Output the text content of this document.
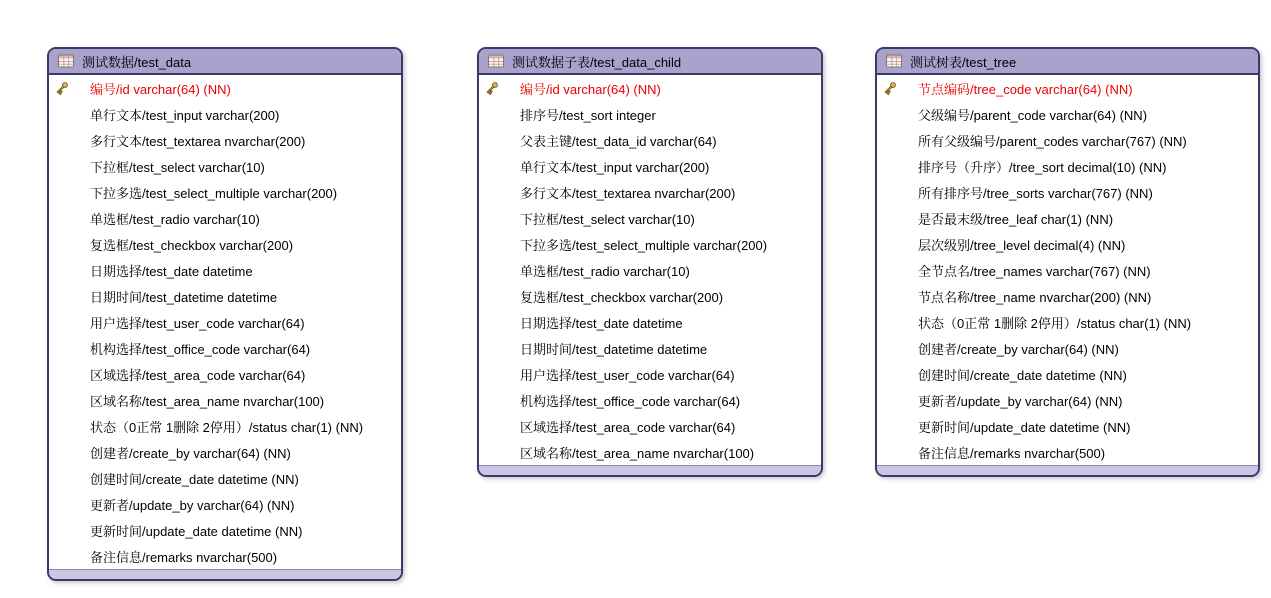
测试数据/test_data
编号/id varchar(64) (NN)
单行文本/test_input varchar(200)
多行文本/test_textarea nvarchar(200)
下拉框/test_select varchar(10)
下拉多选/test_select_multiple varchar(200)
单选框/test_radio varchar(10)
复选框/test_checkbox varchar(200)
日期选择/test_date datetime
日期时间/test_datetime datetime
用户选择/test_user_code varchar(64)
机构选择/test_office_code varchar(64)
区域选择/test_area_code varchar(64)
区域名称/test_area_name nvarchar(100)
状态（0正常 1删除 2停用）/status char(1) (NN)
创建者/create_by varchar(64) (NN)
创建时间/create_date datetime (NN)
更新者/update_by varchar(64) (NN)
更新时间/update_date datetime (NN)
备注信息/remarks nvarchar(500)
测试数据子表/test_data_child
编号/id varchar(64) (NN)
排序号/test_sort integer
父表主键/test_data_id varchar(64)
单行文本/test_input varchar(200)
多行文本/test_textarea nvarchar(200)
下拉框/test_select varchar(10)
下拉多选/test_select_multiple varchar(200)
单选框/test_radio varchar(10)
复选框/test_checkbox varchar(200)
日期选择/test_date datetime
日期时间/test_datetime datetime
用户选择/test_user_code varchar(64)
机构选择/test_office_code varchar(64)
区域选择/test_area_code varchar(64)
区域名称/test_area_name nvarchar(100)
测试树表/test_tree
节点编码/tree_code varchar(64) (NN)
父级编号/parent_code varchar(64) (NN)
所有父级编号/parent_codes varchar(767) (NN)
排序号（升序）/tree_sort decimal(10) (NN)
所有排序号/tree_sorts varchar(767) (NN)
是否最末级/tree_leaf char(1) (NN)
层次级别/tree_level decimal(4) (NN)
全节点名/tree_names varchar(767) (NN)
节点名称/tree_name nvarchar(200) (NN)
状态（0正常 1删除 2停用）/status char(1) (NN)
创建者/create_by varchar(64) (NN)
创建时间/create_date datetime (NN)
更新者/update_by varchar(64) (NN)
更新时间/update_date datetime (NN)
备注信息/remarks nvarchar(500)
